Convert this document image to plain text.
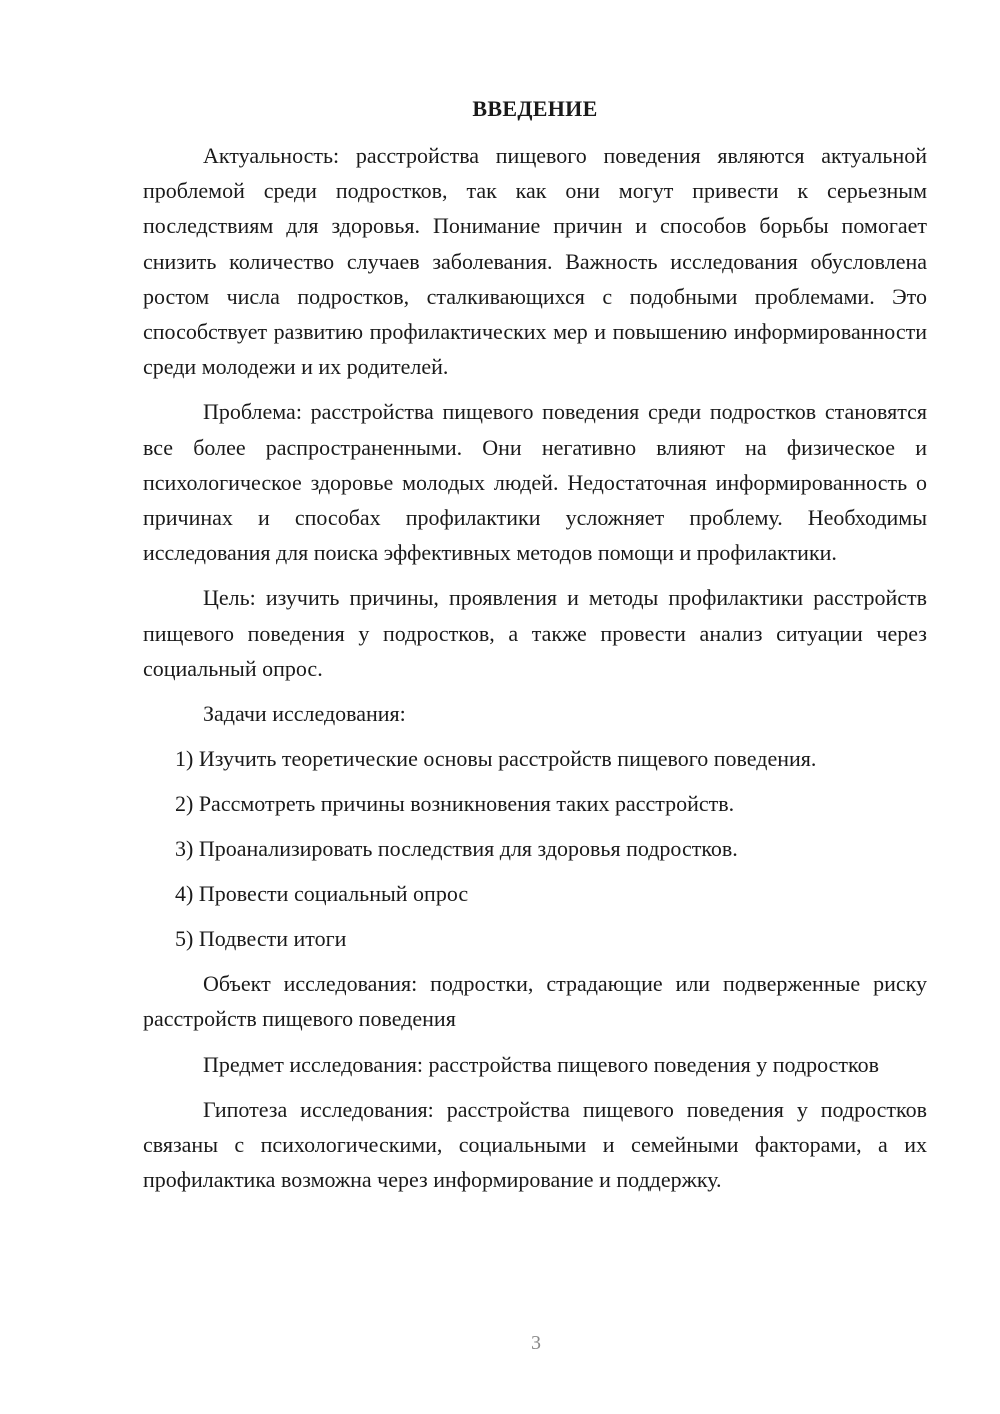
ВВЕДЕНИЕ

Актуальность: расстройства пищевого поведения являются актуальной проблемой среди подростков, так как они могут привести к серьезным последствиям для здоровья. Понимание причин и способов борьбы помогает снизить количество случаев заболевания. Важность исследования обусловлена ростом числа подростков, сталкивающихся с подобными проблемами. Это способствует развитию профилактических мер и повышению информированности среди молодежи и их родителей.

Проблема: расстройства пищевого поведения среди подростков становятся все более распространенными. Они негативно влияют на физическое и психологическое здоровье молодых людей. Недостаточная информированность о причинах и способах профилактики усложняет проблему. Необходимы исследования для поиска эффективных методов помощи и профилактики.

Цель: изучить причины, проявления и методы профилактики расстройств пищевого поведения у подростков, а также провести анализ ситуации через социальный опрос.

Задачи исследования:

1) Изучить теоретические основы расстройств пищевого поведения.
2) Рассмотреть причины возникновения таких расстройств.
3) Проанализировать последствия для здоровья подростков.
4) Провести социальный опрос
5) Подвести итоги

Объект исследования: подростки, страдающие или подверженные риску расстройств пищевого поведения

Предмет исследования: расстройства пищевого поведения у подростков

Гипотеза исследования: расстройства пищевого поведения у подростков связаны с психологическими, социальными и семейными факторами, а их профилактика возможна через информирование и поддержку.

3
